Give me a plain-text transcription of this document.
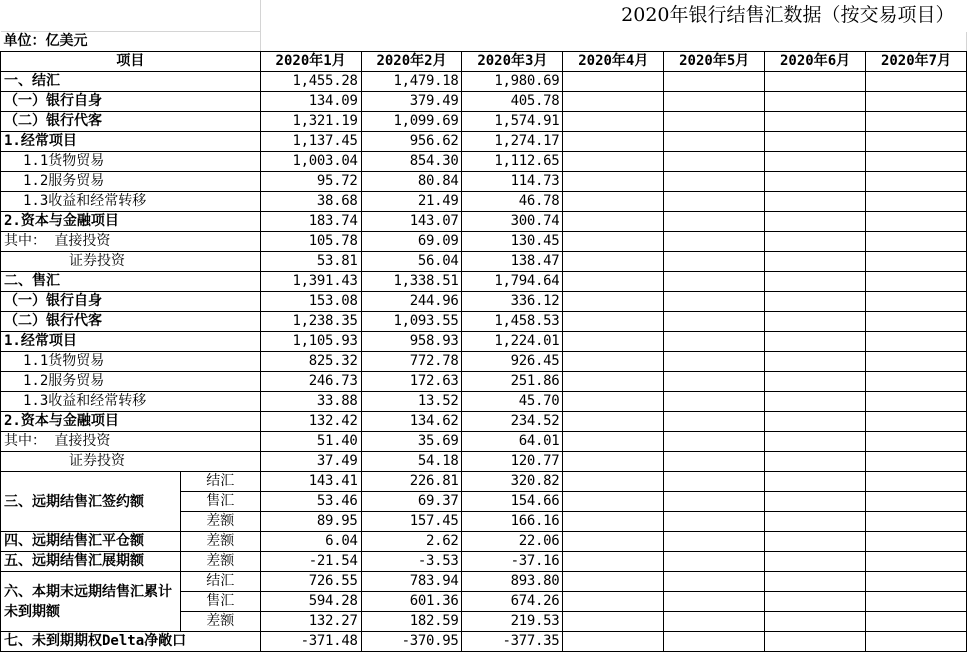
		2020年银行结售汇数据（按交易项目）						
单位：亿美元								
项目		2020年1月	2020年2月	2020年3月	2020年4月	2020年5月	2020年6月	2020年7月
一、结汇		1,455.28	1,479.18	1,980.69				
（一）银行自身		134.09	379.49	405.78				
（二）银行代客		1,321.19	1,099.69	1,574.91				
1.经常项目		1,137.45	956.62	1,274.17				
1.1货物贸易		1,003.04	854.30	1,112.65				
1.2服务贸易		95.72	80.84	114.73				
1.3收益和经常转移		38.68	21.49	46.78				
2.资本与金融项目		183.74	143.07	300.74				
其中： 直接投资		105.78	69.09	130.45				
证券投资		53.81	56.04	138.47				
二、售汇		1,391.43	1,338.51	1,794.64				
（一）银行自身		153.08	244.96	336.12				
（二）银行代客		1,238.35	1,093.55	1,458.53				
1.经常项目		1,105.93	958.93	1,224.01				
1.1货物贸易		825.32	772.78	926.45				
1.2服务贸易		246.73	172.63	251.86				
1.3收益和经常转移		33.88	13.52	45.70				
2.资本与金融项目		132.42	134.62	234.52				
其中： 直接投资		51.40	35.69	64.01				
证券投资		37.49	54.18	120.77				
三、远期结售汇签约额	结汇	143.41	226.81	320.82				
	售汇	53.46	69.37	154.66				
	差额	89.95	157.45	166.16				
四、远期结售汇平仓额	差额	6.04	2.62	22.06				
五、远期结售汇展期额	差额	-21.54	-3.53	-37.16				
六、本期末远期结售汇累计未到期额	结汇	726.55	783.94	893.80				
	售汇	594.28	601.36	674.26				
	差额	132.27	182.59	219.53				
七、未到期期权Delta净敞口		-371.48	-370.95	-377.35				
